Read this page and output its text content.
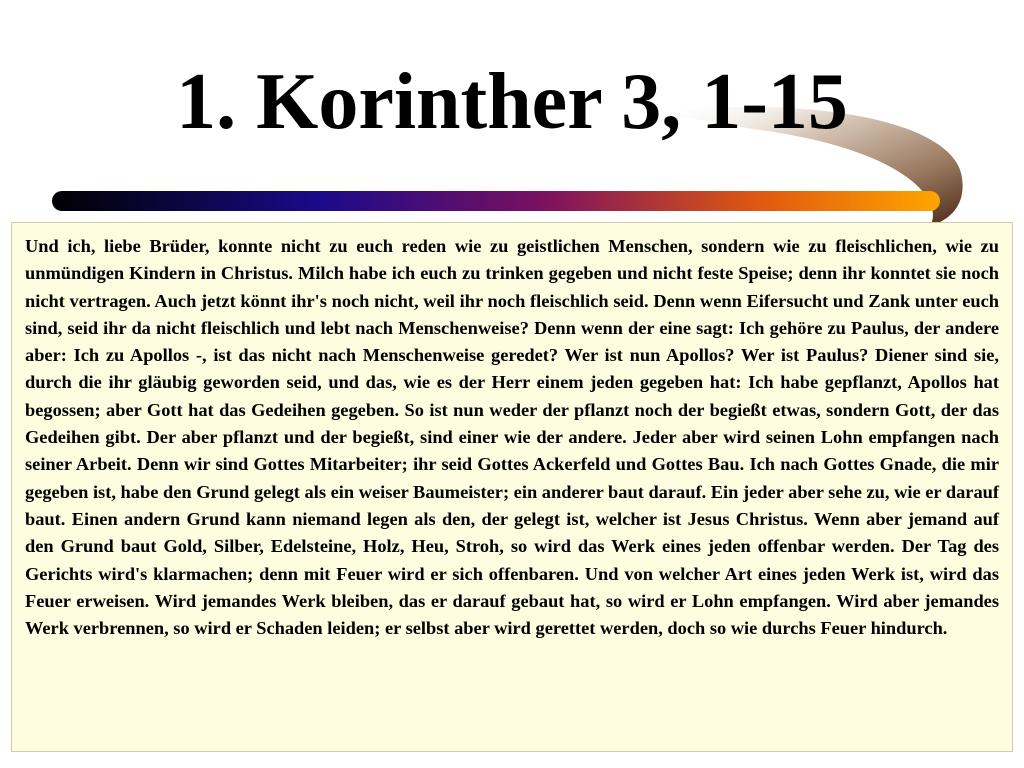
1. Korinther 3, 1-15

Und ich, liebe Brüder, konnte nicht zu euch reden wie zu geistlichen Menschen, sondern wie zu fleischlichen, wie zu unmündigen Kindern in Christus. Milch habe ich euch zu trinken gegeben und nicht feste Speise; denn ihr konntet sie noch nicht vertragen. Auch jetzt könnt ihr's noch nicht, weil ihr noch fleischlich seid. Denn wenn Eifersucht und Zank unter euch sind, seid ihr da nicht fleischlich und lebt nach Menschenweise? Denn wenn der eine sagt: Ich gehöre zu Paulus, der andere aber: Ich zu Apollos -, ist das nicht nach Menschenweise geredet? Wer ist nun Apollos? Wer ist Paulus? Diener sind sie, durch die ihr gläubig geworden seid, und das, wie es der Herr einem jeden gegeben hat: Ich habe gepflanzt, Apollos hat begossen; aber Gott hat das Gedeihen gegeben. So ist nun weder der pflanzt noch der begießt etwas, sondern Gott, der das Gedeihen gibt. Der aber pflanzt und der begießt, sind einer wie der andere. Jeder aber wird seinen Lohn empfangen nach seiner Arbeit. Denn wir sind Gottes Mitarbeiter; ihr seid Gottes Ackerfeld und Gottes Bau. Ich nach Gottes Gnade, die mir gegeben ist, habe den Grund gelegt als ein weiser Baumeister; ein anderer baut darauf. Ein jeder aber sehe zu, wie er darauf baut. Einen andern Grund kann niemand legen als den, der gelegt ist, welcher ist Jesus Christus. Wenn aber jemand auf den Grund baut Gold, Silber, Edelsteine, Holz, Heu, Stroh, so wird das Werk eines jeden offenbar werden. Der Tag des Gerichts wird's klarmachen; denn mit Feuer wird er sich offenbaren. Und von welcher Art eines jeden Werk ist, wird das Feuer erweisen. Wird jemandes Werk bleiben, das er darauf gebaut hat, so wird er Lohn empfangen. Wird aber jemandes Werk verbrennen, so wird er Schaden leiden; er selbst aber wird gerettet werden, doch so wie durchs Feuer hindurch.
